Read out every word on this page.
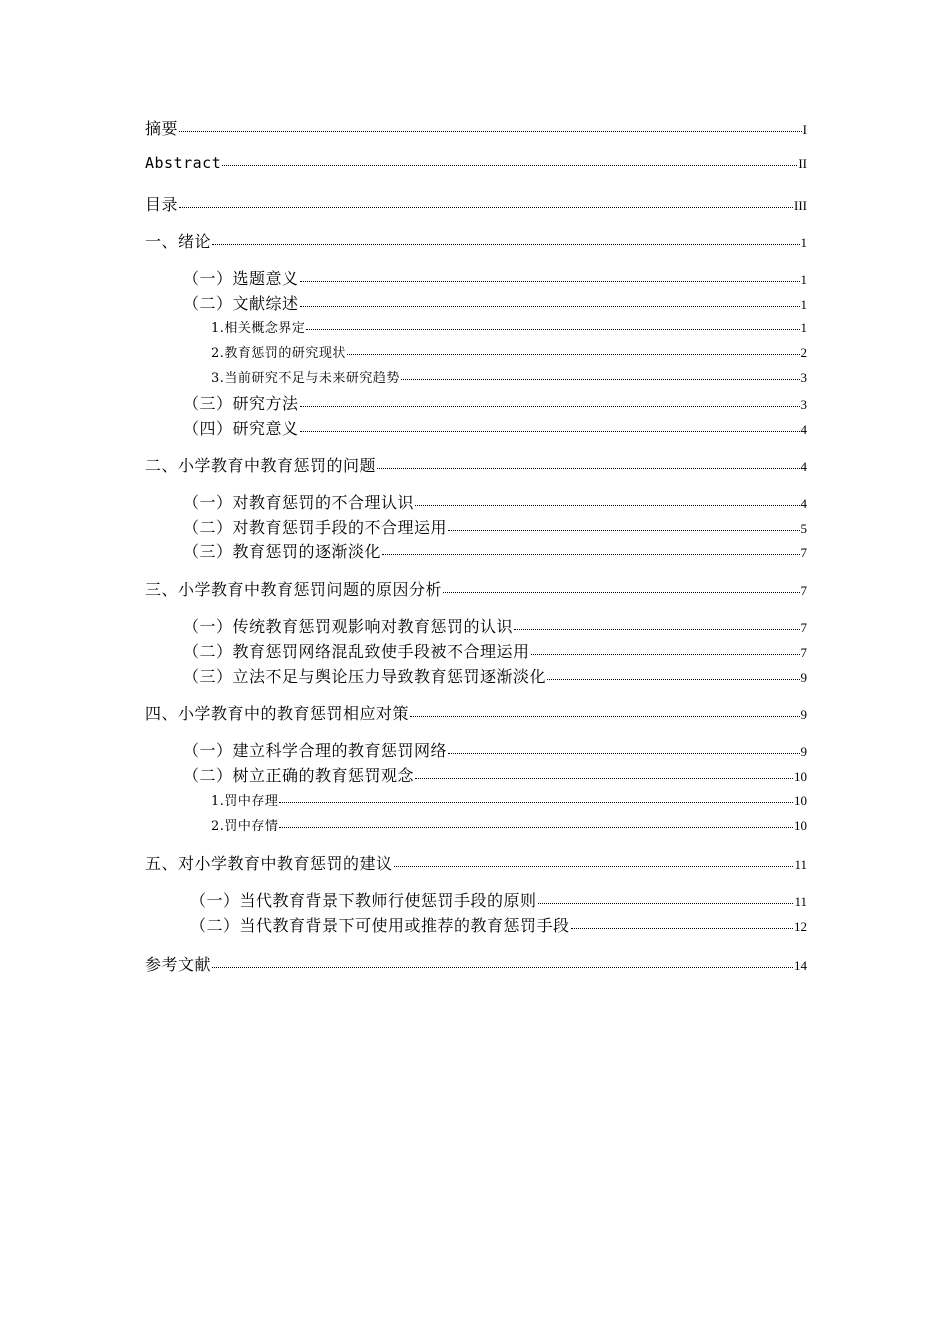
摘要	I
Abstract	II
目录	III
一、绪论	1
（一）选题意义	1
（二）文献综述	1
1.相关概念界定	1
2.教育惩罚的研究现状	2
3.当前研究不足与未来研究趋势	3
（三）研究方法	3
（四）研究意义	4
二、小学教育中教育惩罚的问题	4
（一）对教育惩罚的不合理认识	4
（二）对教育惩罚手段的不合理运用	5
（三）教育惩罚的逐渐淡化	7
三、小学教育中教育惩罚问题的原因分析	7
（一）传统教育惩罚观影响对教育惩罚的认识	7
（二）教育惩罚网络混乱致使手段被不合理运用	7
（三）立法不足与舆论压力导致教育惩罚逐渐淡化	9
四、小学教育中的教育惩罚相应对策	9
（一）建立科学合理的教育惩罚网络	9
（二）树立正确的教育惩罚观念	10
1.罚中存理	10
2.罚中存情	10
五、对小学教育中教育惩罚的建议	11
（一）当代教育背景下教师行使惩罚手段的原则	11
（二）当代教育背景下可使用或推荐的教育惩罚手段	12
参考文献	14
